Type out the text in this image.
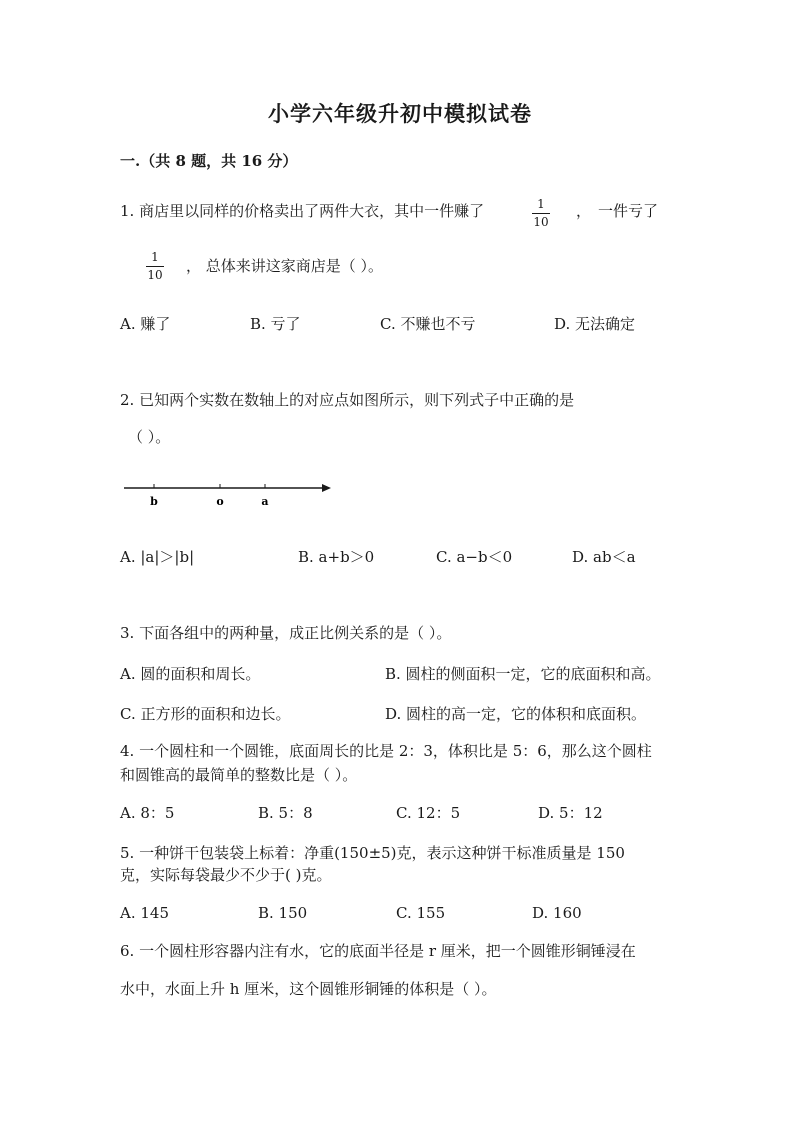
小学六年级升初中模拟试卷
一.（共 8 题，共 16 分）
1. 商店里以同样的价格卖出了两件大衣，其中一件赚了	1
10
， 一件亏了
1
10 ， 总体来讲这家商店是（ ）。
A. 赚了	B. 亏了	C. 不赚也不亏	D. 无法确定
2. 已知两个实数在数轴上的对应点如图所示，则下列式子中正确的是
（ ）。
b	o	a
A. |a|＞|b|	B. a+b＞0	C. a−b＜0	D. ab＜a
3. 下面各组中的两种量，成正比例关系的是（ ）。
A. 圆的面积和周长。	B. 圆柱的侧面积一定，它的底面积和高。
C. 正方形的面积和边长。	D. 圆柱的高一定，它的体积和底面积。
4. 一个圆柱和一个圆锥，底面周长的比是 2：3，体积比是 5：6，那么这个圆柱
和圆锥高的最简单的整数比是（ ）。
A. 8：5	B. 5：8	C. 12：5	D. 5：12
5. 一种饼干包装袋上标着：净重(150±5)克，表示这种饼干标准质量是 150
克，实际每袋最少不少于( )克。
A. 145	B. 150	C. 155	D. 160
6. 一个圆柱形容器内注有水，它的底面半径是 r 厘米，把一个圆锥形铜锤浸在
水中，水面上升 h 厘米，这个圆锥形铜锤的体积是（ ）。
